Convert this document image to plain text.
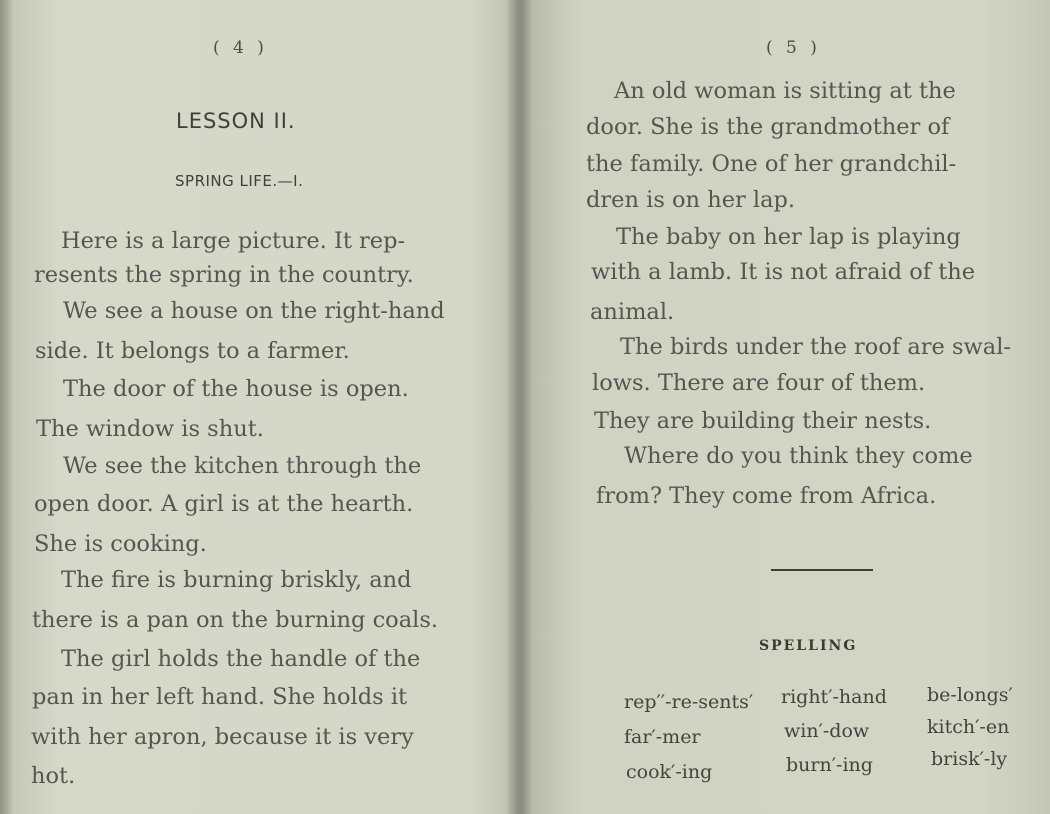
( 4 )
LESSON II.
SPRING LIFE.—I.
Here is a large picture. It rep-
resents the spring in the country.
We see a house on the right-hand
side. It belongs to a farmer.
The door of the house is open.
The window is shut.
We see the kitchen through the
open door. A girl is at the hearth.
She is cooking.
The fire is burning briskly, and
there is a pan on the burning coals.
The girl holds the handle of the
pan in her left hand. She holds it
with her apron, because it is very
hot.
( 5 )
An old woman is sitting at the
door. She is the grandmother of
the family. One of her grandchil-
dren is on her lap.
The baby on her lap is playing
with a lamb. It is not afraid of the
animal.
The birds under the roof are swal-
lows. There are four of them.
They are building their nests.
Where do you think they come
from? They come from Africa.
SPELLING
rep′′-re-sents′ right′-hand be-longs′
far′-mer	win′-dow	kitch′-en
cook′-ing	burn′-ing	brisk′-ly
